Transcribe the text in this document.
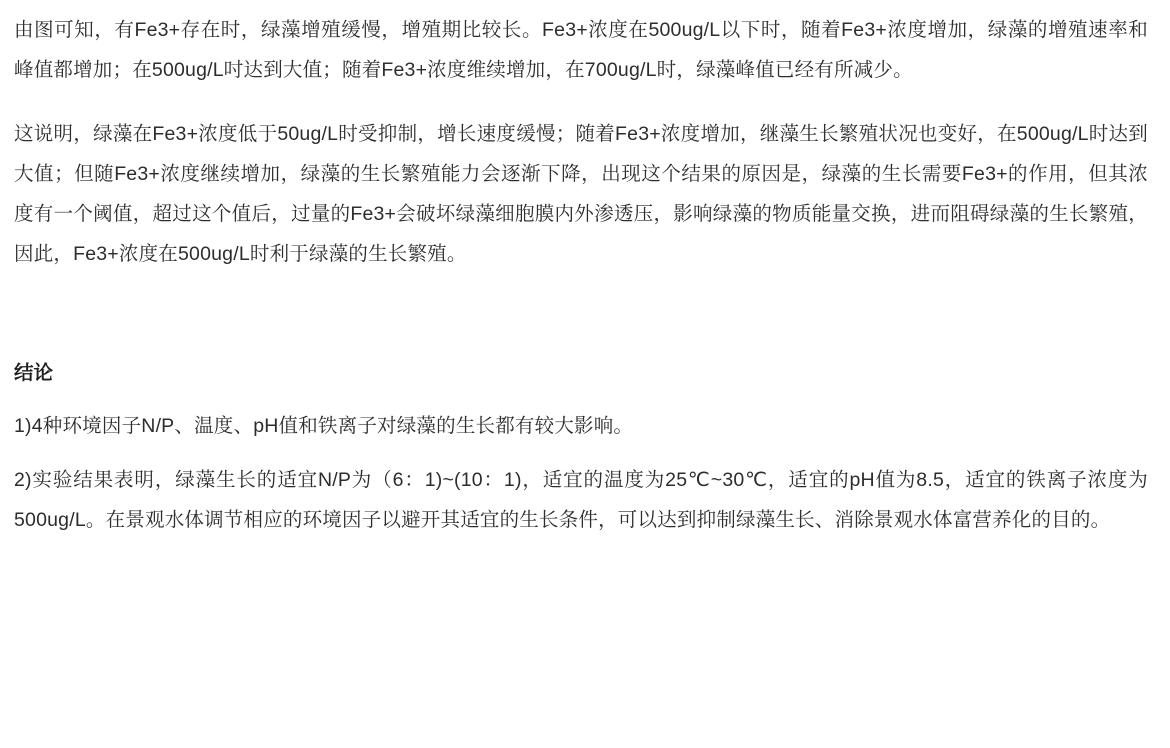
由图可知，有Fe3+存在时，绿藻增殖缓慢，增殖期比较长。Fe3+浓度在500ug/L以下时，随着Fe3+浓度增加，绿藻的增殖速率和峰值都增加；在500ug/L吋达到大值；随着Fe3+浓度维续增加，在700ug/L时，绿藻峰值已经有所减少。

这说明，绿藻在Fe3+浓度低于50ug/L时受抑制，增长速度缓慢；随着Fe3+浓度增加，继藻生长繁殖状况也变好，在500ug/L时达到大值；但随Fe3+浓度继续增加，绿藻的生长繁殖能力会逐渐下降，出现这个结果的原因是，绿藻的生长需要Fe3+的作用，但其浓度有一个阈值，超过这个值后，过量的Fe3+会破坏绿藻细胞膜内外渗透压，影响绿藻的物质能量交换，进而阻碍绿藻的生长繁殖，因此，Fe3+浓度在500ug/L时利于绿藻的生长繁殖。

结论

1)4种环境因子N/P、温度、pH值和铁离子对绿藻的生长都有较大影响。

2)实验结果表明，绿藻生长的适宜N/P为（6：1)~(10：1)，适宜的温度为25℃~30℃，适宜的pH值为8.5，适宜的铁离子浓度为500ug/L。在景观水体调节相应的环境因子以避开其适宜的生长条件，可以达到抑制绿藻生长、消除景观水体富营养化的目的。
